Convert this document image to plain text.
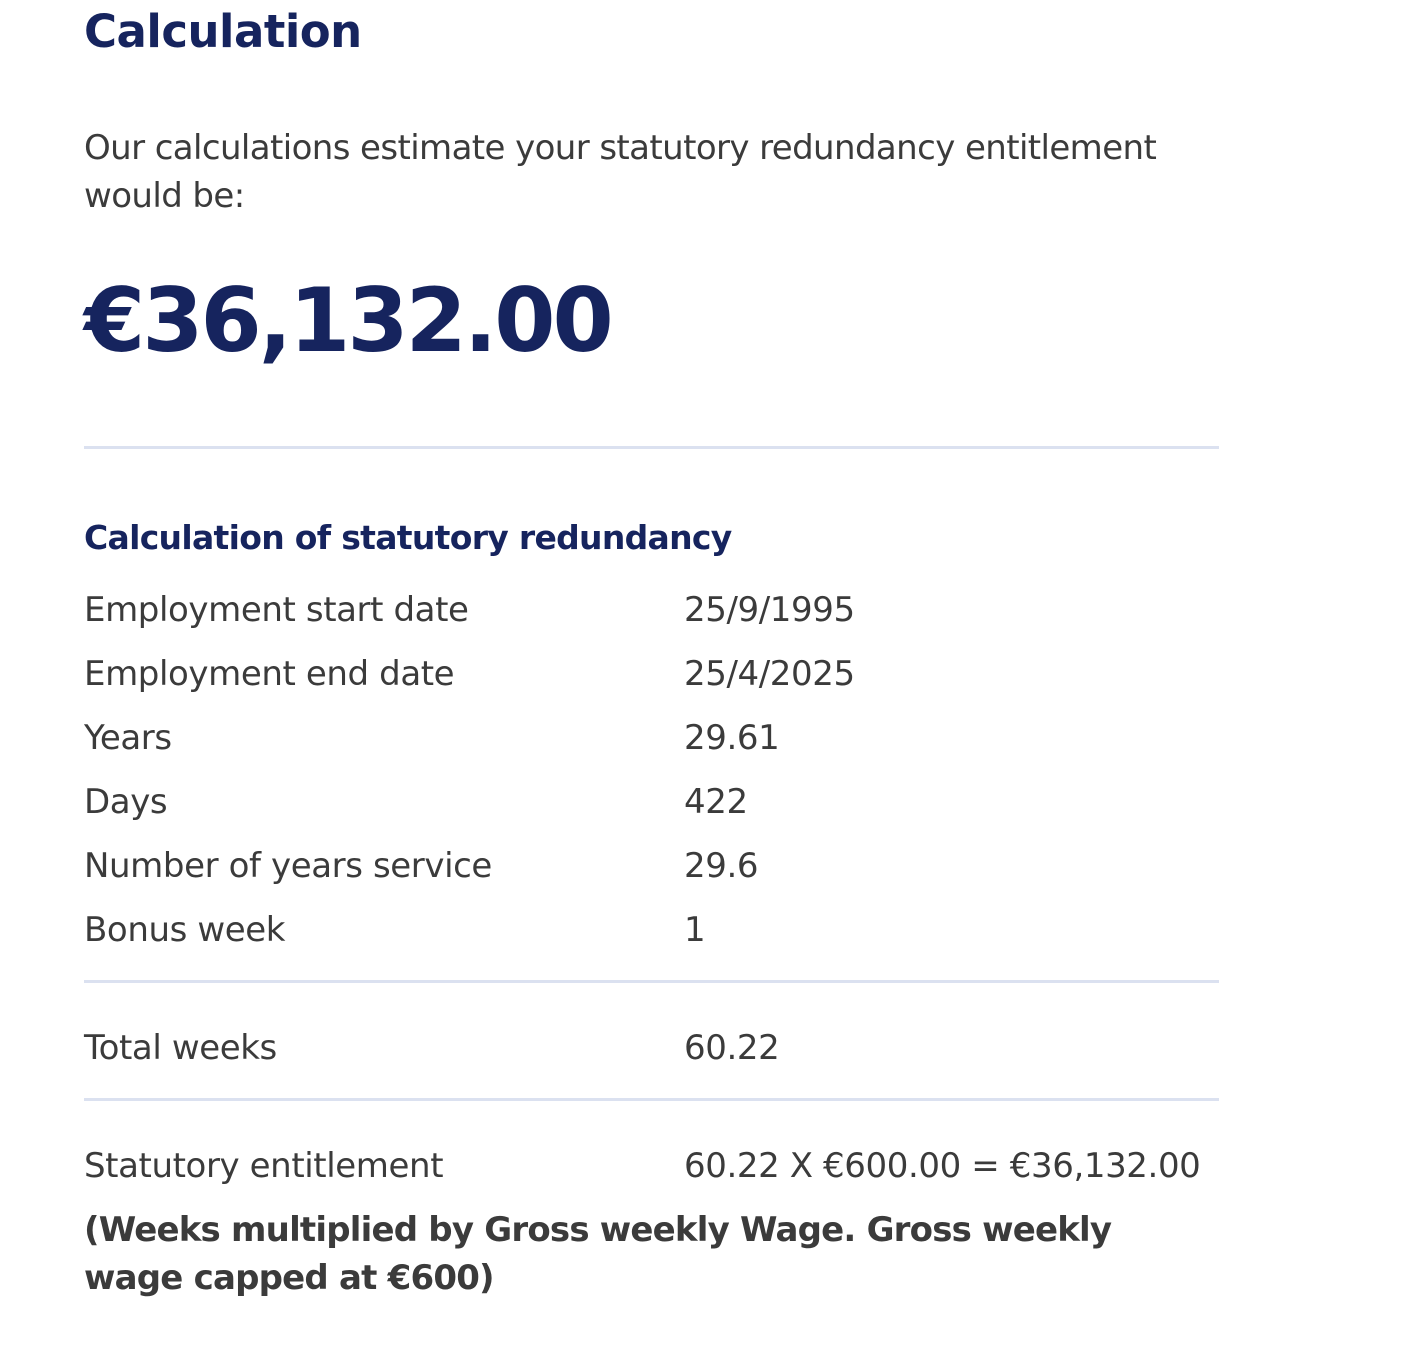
Calculation

Our calculations estimate your statutory redundancy entitlement would be:

€36,132.00

Calculation of statutory redundancy
Employment start date	25/9/1995
Employment end date	25/4/2025
Years	29.61
Days	422
Number of years service	29.6
Bonus week	1
Total weeks	60.22
Statutory entitlement	60.22 X €600.00 = €36,132.00

(Weeks multiplied by Gross weekly Wage. Gross weekly wage capped at €600)
